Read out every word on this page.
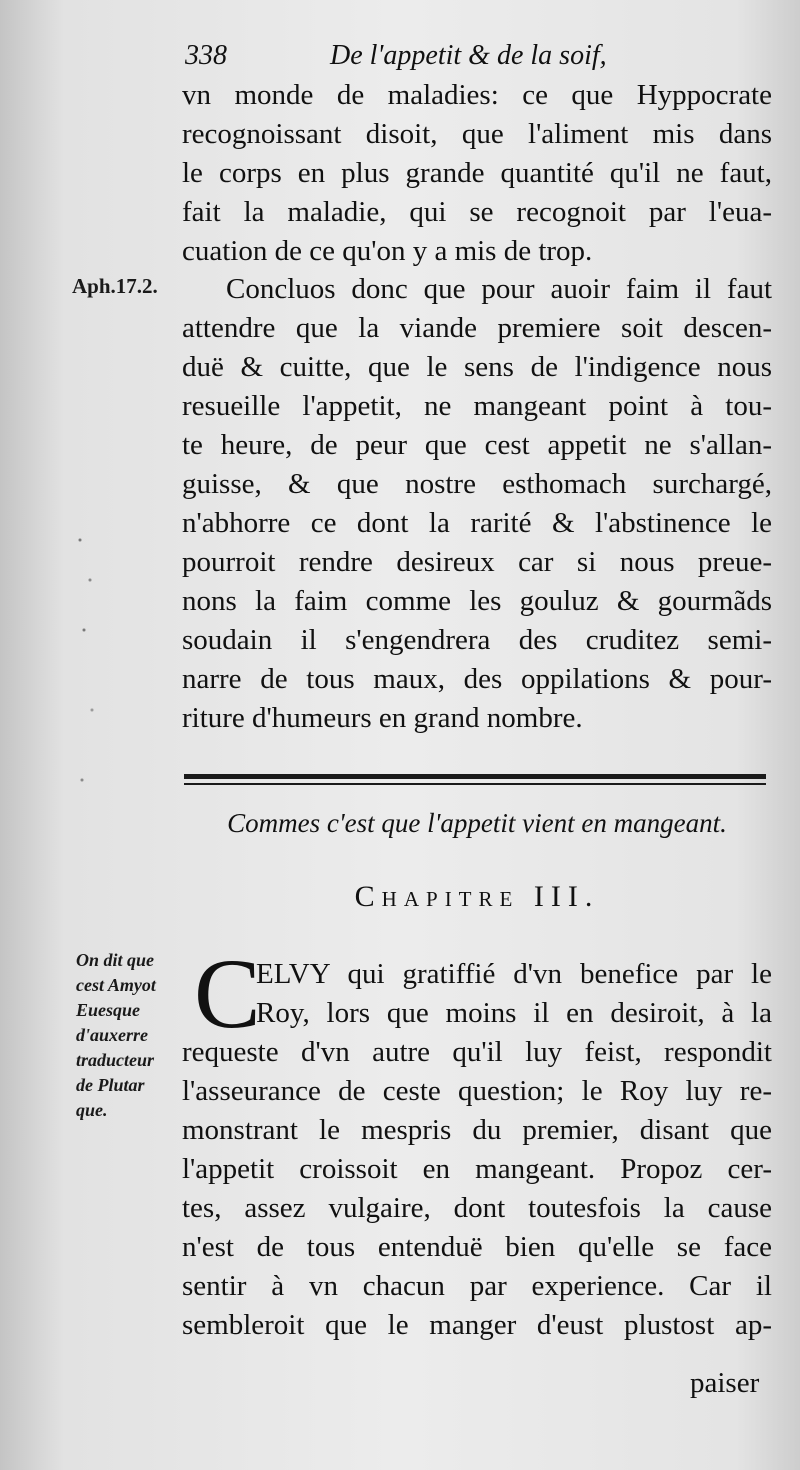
338	De l'appetit & de la soif,
vn monde de maladies: ce que Hyppocrate
recognoissant disoit, que l'aliment mis dans
le corps en plus grande quantité qu'il ne faut,
fait la maladie, qui se recognoit par l'eua-
cuation de ce qu'on y a mis de trop.
Aph.17.2.	Concluos donc que pour auoir faim il faut
attendre que la viande premiere soit descen-
duë & cuitte, que le sens de l'indigence nous
resueille l'appetit, ne mangeant point à tou-
te heure, de peur que cest appetit ne s'allan-
guisse, & que nostre esthomach surchargé,
n'abhorre ce dont la rarité & l'abstinence le
pourroit rendre desireux car si nous preue-
nons la faim comme les gouluz & gourmãds
soudain il s'engendrera des cruditez semi-
narre de tous maux, des oppilations & pour-
riture d'humeurs en grand nombre.
Commes c'est que l'appetit vient en mangeant.
Chapitre III.
On dit que
cest Amyot
Euesque
d'auxerre
traducteur
de Plutar
que.
C
ELVY qui gratiffié d'vn benefice par le
Roy, lors que moins il en desiroit, à la
requeste d'vn autre qu'il luy feist, respondit
l'asseurance de ceste question; le Roy luy re-
monstrant le mespris du premier, disant que
l'appetit croissoit en mangeant. Propoz cer-
tes, assez vulgaire, dont toutesfois la cause
n'est de tous entenduë bien qu'elle se face
sentir à vn chacun par experience. Car il
sembleroit que le manger d'eust plustost ap-
paiser
